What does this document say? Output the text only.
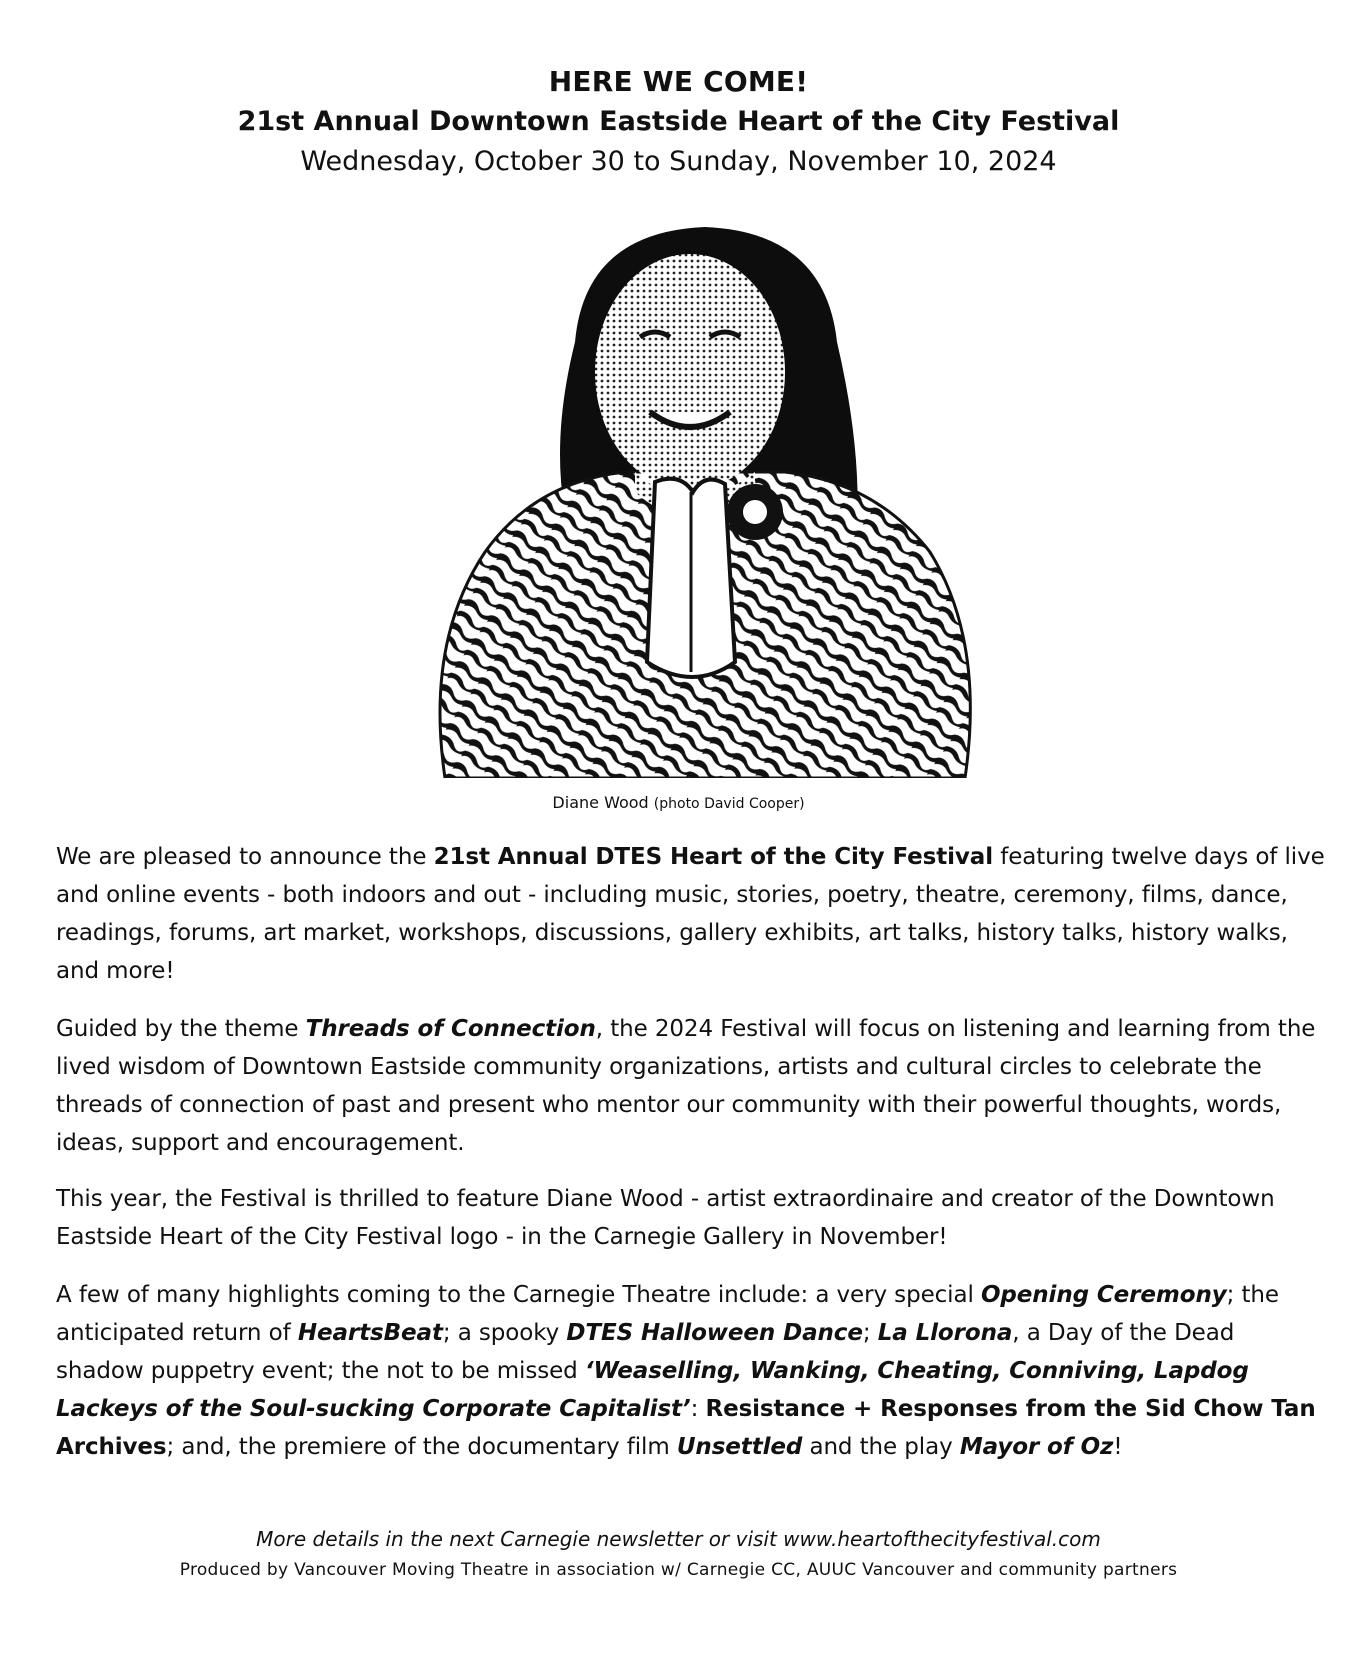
HERE WE COME!
21st Annual Downtown Eastside Heart of the City Festival
Wednesday, October 30 to Sunday, November 10, 2024
Diane Wood (photo David Cooper)

We are pleased to announce the 21st Annual DTES Heart of the City Festival featuring twelve days of live and online events - both indoors and out - including music, stories, poetry, theatre, ceremony, films, dance, readings, forums, art market, workshops, discussions, gallery exhibits, art talks, history talks, history walks, and more!

Guided by the theme Threads of Connection, the 2024 Festival will focus on listening and learning from the lived wisdom of Downtown Eastside community organizations, artists and cultural circles to celebrate the threads of connection of past and present who mentor our community with their powerful thoughts, words, ideas, support and encouragement.

This year, the Festival is thrilled to feature Diane Wood - artist extraordinaire and creator of the Downtown Eastside Heart of the City Festival logo - in the Carnegie Gallery in November!

A few of many highlights coming to the Carnegie Theatre include: a very special Opening Ceremony; the anticipated return of HeartsBeat; a spooky DTES Halloween Dance; La Llorona, a Day of the Dead shadow puppetry event; the not to be missed ‘Weaselling, Wanking, Cheating, Conniving, Lapdog Lackeys of the Soul-sucking Corporate Capitalist’: Resistance + Responses from the Sid Chow Tan Archives; and, the premiere of the documentary film Unsettled and the play Mayor of Oz!

More details in the next Carnegie newsletter or visit www.heartofthecityfestival.com
Produced by Vancouver Moving Theatre in association w/ Carnegie CC, AUUC Vancouver and community partners
